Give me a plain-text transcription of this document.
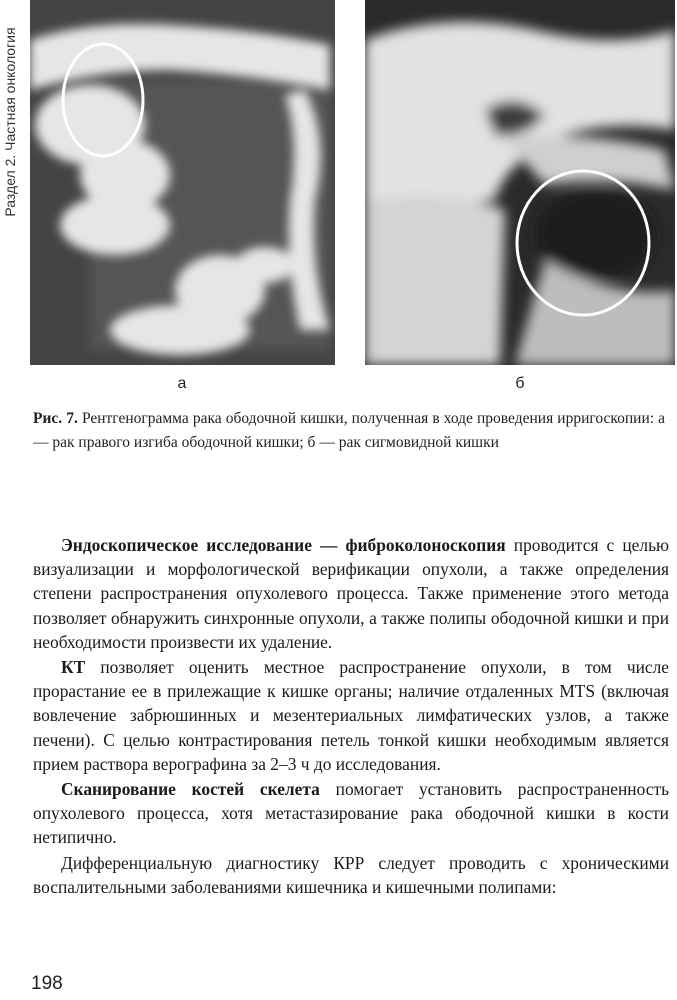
Раздел 2. Частная онкология
а	б
Рис. 7. Рентгенограмма рака ободочной кишки, полученная в ходе проведения ирригоскопии: а — рак правого изгиба ободочной кишки; б — рак сигмовидной кишки

Эндоскопическое исследование — фиброколоноскопия проводится с целью визуализации и морфологической верификации опухоли, а также определения степени распространения опухолевого процесса. Также применение этого метода позволяет обнаружить синхронные опухоли, а также полипы ободочной кишки и при необходимости произвести их удаление.

КТ позволяет оценить местное распространение опухоли, в том числе прорастание ее в прилежащие к кишке органы; наличие отдаленных MTS (включая вовлечение забрюшинных и мезентериальных лимфатических узлов, а также печени). С целью контрастирования петель тонкой кишки необходимым является прием раствора верографина за 2–3 ч до исследования.

Сканирование костей скелета помогает установить распространенность опухолевого процесса, хотя метастазирование рака ободочной кишки в кости нетипично.

Дифференциальную диагностику КРР следует проводить с хроническими воспалительными заболеваниями кишечника и кишечными полипами:

198
